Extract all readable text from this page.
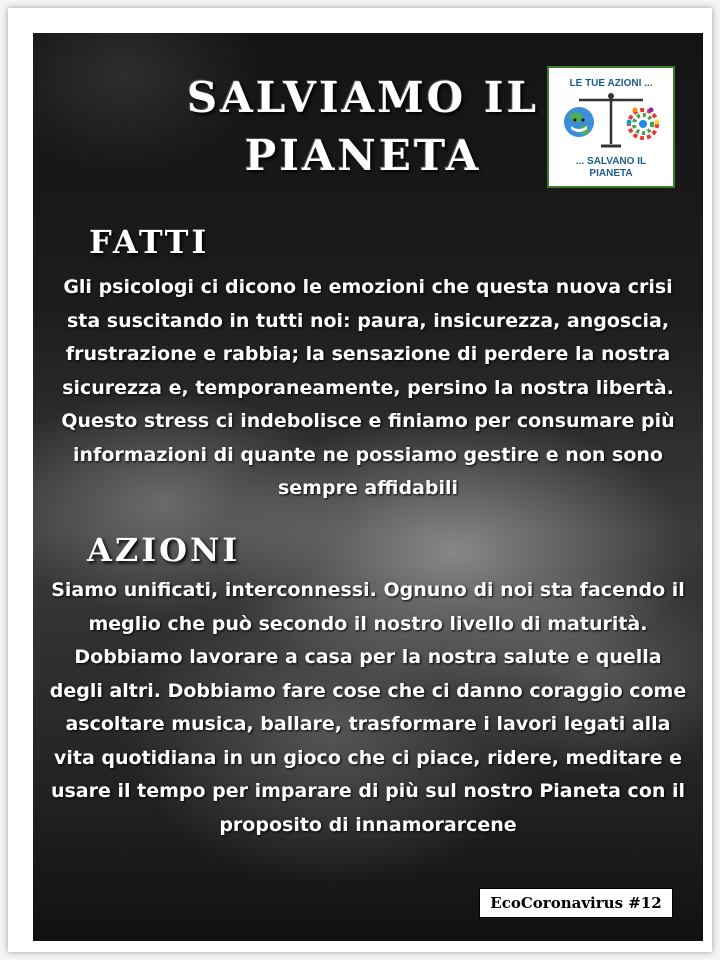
SALVIAMO IL
PIANETA
LE TUE AZIONI ...
... SALVANO IL
PIANETA
FATTI
Gli psicologi ci dicono le emozioni che questa nuova crisi sta suscitando in tutti noi: paura, insicurezza, angoscia, frustrazione e rabbia; la sensazione di perdere la nostra sicurezza e, temporaneamente, persino la nostra libertà. Questo stress ci indebolisce e finiamo per consumare più informazioni di quante ne possiamo gestire e non sono sempre affidabili
AZIONI
Siamo unificati, interconnessi. Ognuno di noi sta facendo il meglio che può secondo il nostro livello di maturità. Dobbiamo lavorare a casa per la nostra salute e quella degli altri. Dobbiamo fare cose che ci danno coraggio come ascoltare musica, ballare, trasformare i lavori legati alla vita quotidiana in un gioco che ci piace, ridere, meditare e usare il tempo per imparare di più sul nostro Pianeta con il proposito di innamorarcene
EcoCoronavirus #12
